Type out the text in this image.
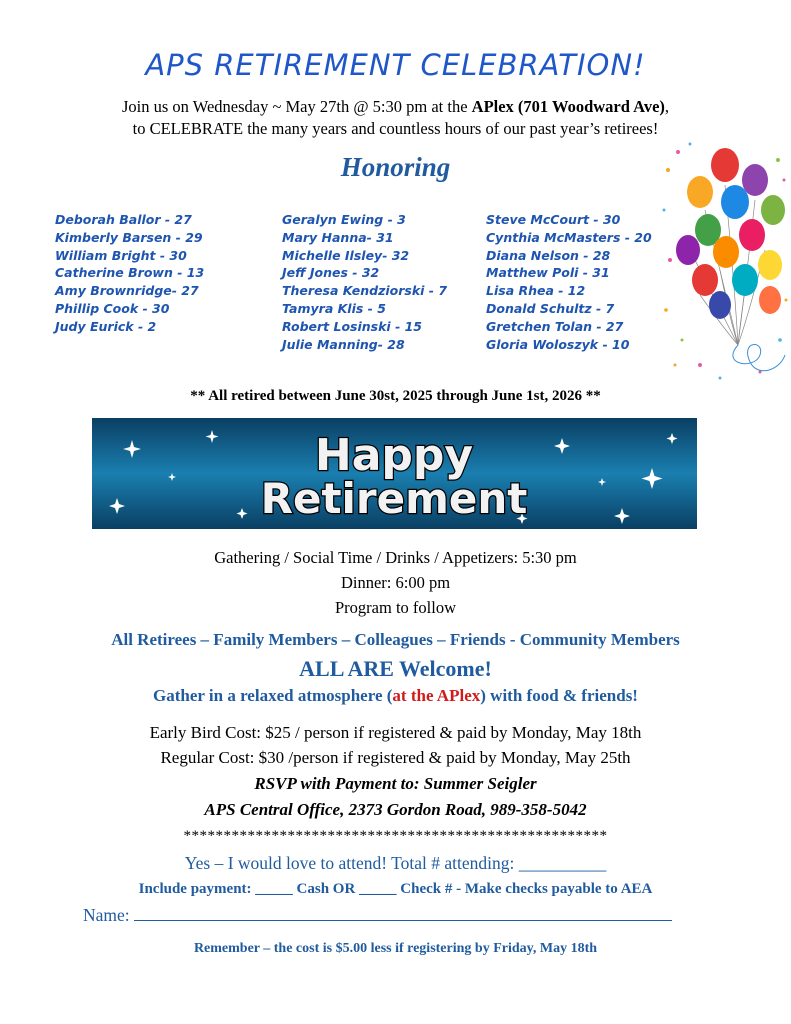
APS RETIREMENT CELEBRATION!
Join us on Wednesday ~ May 27th @ 5:30 pm at the APlex (701 Woodward Ave),
to CELEBRATE the many years and countless hours of our past year’s retirees!
Honoring
Deborah Ballor - 27
Kimberly Barsen - 29
William Bright - 30
Catherine Brown - 13
Amy Brownridge- 27
Phillip Cook - 30
Judy Eurick - 2
Geralyn Ewing - 3
Mary Hanna- 31
Michelle Ilsley- 32
Jeff Jones - 32
Theresa Kendziorski - 7
Tamyra Klis - 5
Robert Losinski - 15
Julie Manning- 28
Steve McCourt - 30
Cynthia McMasters - 20
Diana Nelson - 28
Matthew Poli - 31
Lisa Rhea - 12
Donald Schultz - 7
Gretchen Tolan - 27
Gloria Woloszyk - 10
** All retired between June 30st, 2025 through June 1st, 2026 **
Happy
Retirement
Gathering / Social Time / Drinks / Appetizers: 5:30 pm
Dinner: 6:00 pm
Program to follow
All Retirees – Family Members – Colleagues – Friends - Community Members
ALL ARE Welcome!
Gather in a relaxed atmosphere (at the APlex) with food & friends!
Early Bird Cost: $25 / person if registered & paid by Monday, May 18th
Regular Cost: $30 /person if registered & paid by Monday, May 25th
RSVP with Payment to: Summer Seigler
APS Central Office, 2373 Gordon Road, 989-358-5042
*****************************************************
Yes – I would love to attend! Total # attending: __________
Include payment: _____ Cash OR _____ Check # - Make checks payable to AEA
Name:
Remember – the cost is $5.00 less if registering by Friday, May 18th
